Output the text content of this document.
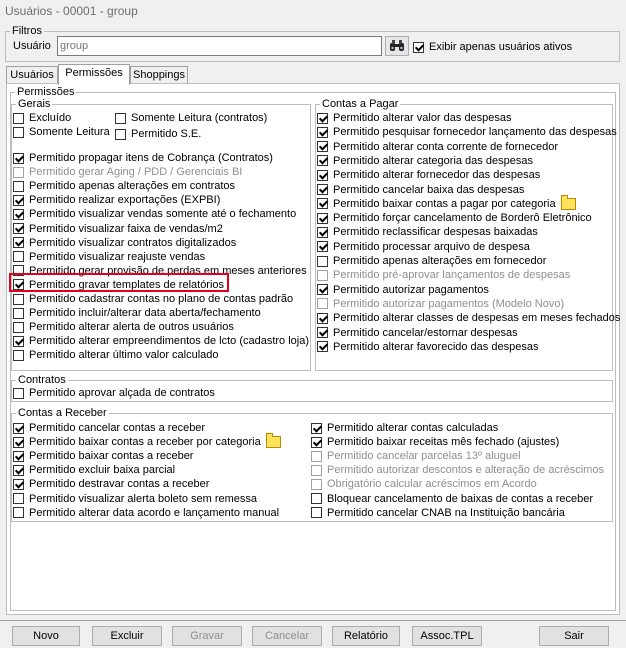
Usuários - 00001 - group
Filtros
Usuário
group	Exibir apenas usuários ativos
Usuários	Permissões Shoppings
Permissões
Gerais
Excluído
Somente Leitura
Somente Leitura (contratos)
Permitido S.E.
Permitido propagar itens de Cobrança (Contratos)
Permitido gerar Aging / PDD / Gerenciais BI
Permitido apenas alterações em contratos
Permitido realizar exportações (EXPBI)
Permitido visualizar vendas somente até o fechamento
Permitido visualizar faixa de vendas/m2
Permitido visualizar contratos digitalizados
Permitido visualizar reajuste vendas
Permitido gerar provisão de perdas em meses anteriores
Permitido gravar templates de relatórios
Permitido cadastrar contas no plano de contas padrão
Permitido incluir/alterar data aberta/fechamento
Permitido alterar alerta de outros usuários
Permitido alterar empreendimentos de lcto (cadastro loja)
Permitido alterar último valor calculado
Contas a Pagar
Permitido alterar valor das despesas
Permitido pesquisar fornecedor lançamento das despesas
Permitido alterar conta corrente de fornecedor
Permitido alterar categoria das despesas
Permitido alterar fornecedor das despesas
Permitido cancelar baixa das despesas
Permitido baixar contas a pagar por categoria
Permitido forçar cancelamento de Borderô Eletrônico
Permitido reclassificar despesas baixadas
Permitido processar arquivo de despesa
Permitido apenas alterações em fornecedor
Permitido pré-aprovar lançamentos de despesas
Permitido autorizar pagamentos
Permitido autorizar pagamentos (Modelo Novo)
Permitido alterar classes de despesas em meses fechados
Permitido cancelar/estornar despesas
Permitido alterar favorecido das despesas
Contratos
Permitido aprovar alçada de contratos
Contas a Receber
Permitido cancelar contas a receber
Permitido baixar contas a receber por categoria
Permitido baixar contas a receber
Permitido excluir baixa parcial
Permitido destravar contas a receber
Permitido visualizar alerta boleto sem remessa
Permitido alterar data acordo e lançamento manual
Permitido alterar contas calculadas
Permitido baixar receitas mês fechado (ajustes)
Permitido cancelar parcelas 13º aluguel
Permitido autorizar descontos e alteração de acréscimos
Obrigatório calcular acréscimos em Acordo
Bloquear cancelamento de baixas de contas a receber
Permitido cancelar CNAB na Instituição bancária
Novo	Excluir	Gravar	Cancelar	Relatório	Assoc.TPL	Sair
